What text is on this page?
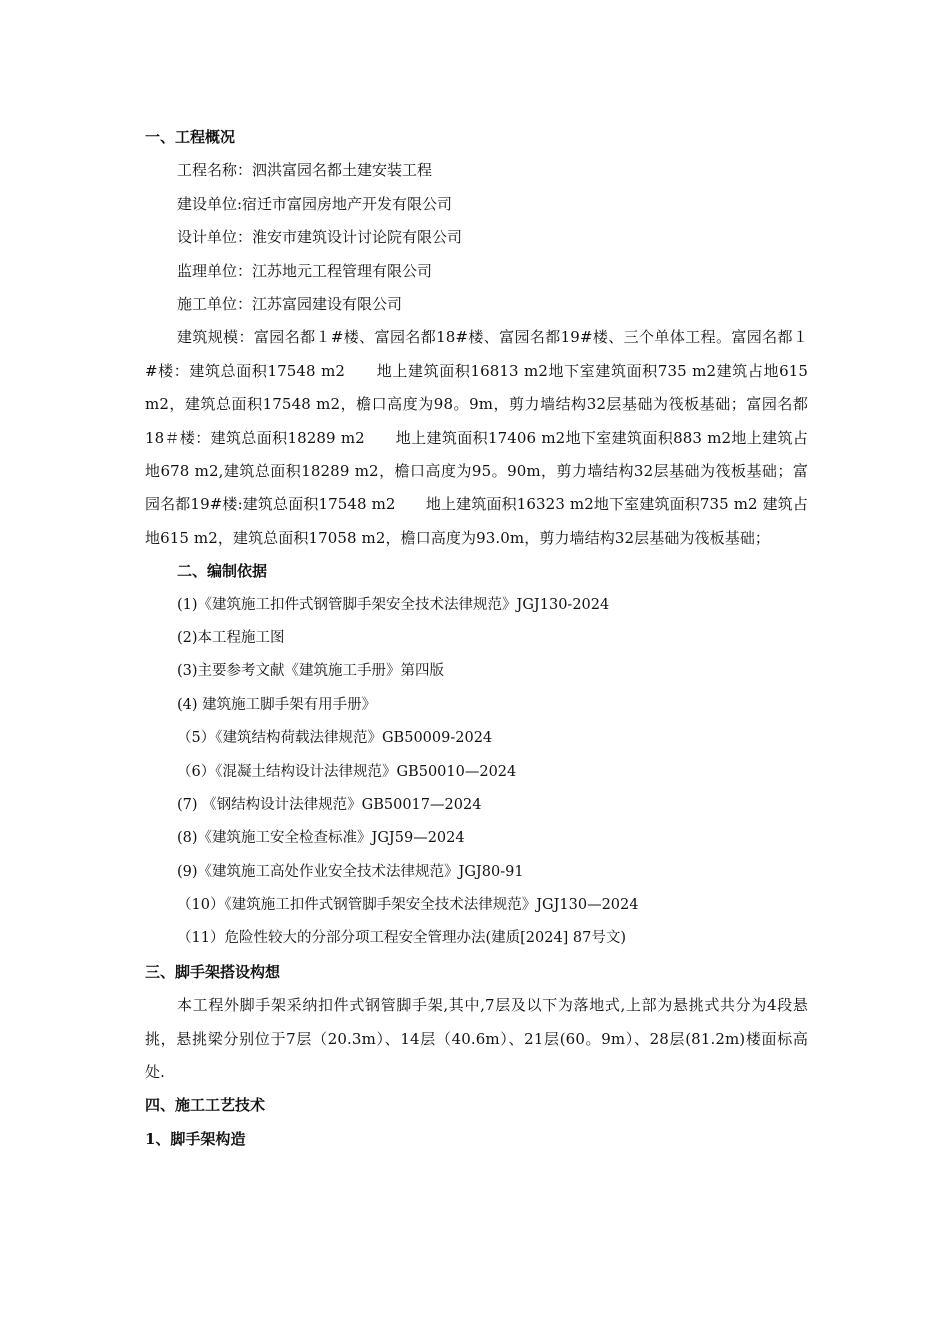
一、工程概况
工程名称：泗洪富园名都土建安装工程
建设单位:宿迁市富园房地产开发有限公司
设计单位：淮安市建筑设计讨论院有限公司
监理单位：江苏地元工程管理有限公司
施工单位：江苏富园建设有限公司
建筑规模：富园名都１#楼、富园名都18#楼、富园名都19#楼、三个单体工程。富园名都１#楼：建筑总面积17548 m2　　地上建筑面积16813 m2地下室建筑面积735 m2建筑占地615 m2，建筑总面积17548 m2，檐口高度为98。9m，剪力墙结构32层基础为筏板基础；富园名都18＃楼：建筑总面积18289 m2　　地上建筑面积17406 m2地下室建筑面积883 m2地上建筑占地678 m2,建筑总面积18289 m2，檐口高度为95。90m，剪力墙结构32层基础为筏板基础；富园名都19#楼:建筑总面积17548 m2　　地上建筑面积16323 m2地下室建筑面积735 m2 建筑占地615 m2，建筑总面积17058 m2，檐口高度为93.0m，剪力墙结构32层基础为筏板基础；
二、编制依据
(1)《建筑施工扣件式钢管脚手架安全技术法律规范》JGJ130-2024
(2)本工程施工图
(3)主要参考文献《建筑施工手册》第四版
(4) 建筑施工脚手架有用手册》
（5）《建筑结构荷载法律规范》GB50009-2024
（6）《混凝土结构设计法律规范》GB50010—2024
(7) 《钢结构设计法律规范》GB50017—2024
(8)《建筑施工安全检查标准》JGJ59—2024
(9)《建筑施工高处作业安全技术法律规范》JGJ80-91
（10）《建筑施工扣件式钢管脚手架安全技术法律规范》JGJ130—2024
（11）危险性较大的分部分项工程安全管理办法(建质[2024] 87号文)
三、脚手架搭设构想
本工程外脚手架采纳扣件式钢管脚手架,其中,7层及以下为落地式,上部为悬挑式共分为4段悬挑，悬挑梁分别位于7层（20.3m）、14层（40.6m）、21层(60。9m）、28层(81.2m)楼面标高处.
四、施工工艺技术
1、脚手架构造
